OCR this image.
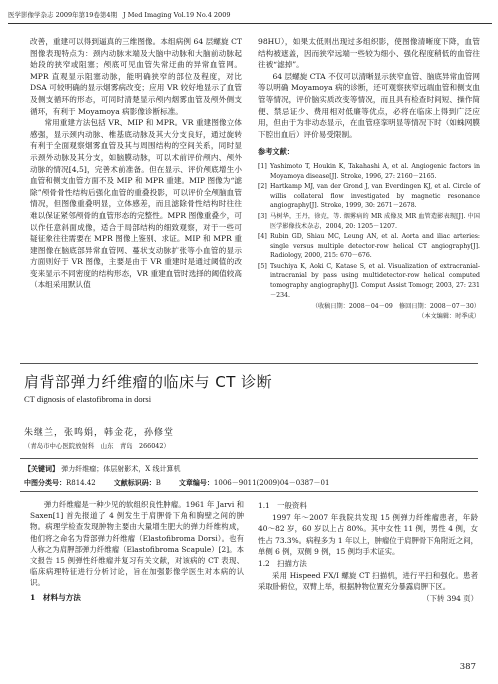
医学影像学杂志 2009年第19卷第4期 J Med Imaging Vol.19 No.4 2009

改善，重建可以得到逼真的三维图像。本组病例 64 层螺旋 CT 图像表现特点为：颈内动脉末端及大脑中动脉和大脑前动脉起始段的狭窄或阻塞；颅底可见血管失常迂曲的异常血管网。MPR 直观显示阻塞动脉，能明确狭窄的部位及程度，对比 DSA 可较明确的显示烟雾病改变；应用 VR 较好地显示了血管及侧支循环的形态，可同时清楚显示颅内烟雾血管及颅外侧支循环，有利于 Moyamoya 病影像诊断标准。

常用重建方法包括 VR、MIP 和 MPR。VR 重建图像立体感强，显示颈内动脉、椎基底动脉及其大分支良好，通过旋转有利于全面观察烟雾血管及其与周围结构的空间关系，同时显示颈外动脉及其分支，如脑膜动脉，可以术前评价颅内、颅外动脉的情况[4,5]，完善术前准备。但在显示、评价颅底增生小血管和侧支血管方面不及 MIP 和 MPR 重建。MIP 图像为“滤除”颅骨骨性结构后强化血管的重叠投影，可以评价全颅脑血管情况，但图像重叠明显，立体感差，而且滤除骨性结构时往往难以保证紧邻颅骨的血管形态的完整性。MPR 图像重叠少，可以作任意斜面成像，适合于局部结构的细致观察，对于一些可疑征象往往需要在 MPR 图像上鉴别、求证。MIP 和 MPR 重建图像在脑底部异常血管网、蔓状支动脉扩张等小血管的显示方面则好于 VR 图像，主要是由于 VR 重建时是通过阈值的改变来显示不同密度的结构形态，VR 重建血管时选择的阈值较高（本组采用默认值

98HU），如果太低则出现过多组织影，使图像清晰度下降，血管结构被遮盖，因而狭窄远端一些较为细小、强化程度稍低的血管往往被“滤掉”。

64 层螺旋 CTA 不仅可以清晰显示狭窄血管、脑底异常血管网等以明确 Moyamoya 病的诊断，还可观察狭窄远端血管和侧支血管等情况，评价脑实质改变等情况，而且具有检查时间短、操作简便、禁忌证少、费用相对低廉等优点，必将在临床上得到广泛应用，但由于为非动态显示，在血管痉挛明显等情况下时（如蛛网膜下腔出血后）评价易受限制。

参考文献：
[1] Yashimoto T, Houkin K, Takahashi A, et al. Angiogenic factors in Moyamoya disease[J]. Stroke, 1996, 27: 2160－2165.
[2] Hartkamp MJ, van der Grond J, van Everdingen KJ, et al. Circle of willis collateral flow investigated by magnetic resonance angiography[J]. Stroke, 1999, 30: 2671－2678.
[3] 马树华，王丹，徐克，等. 烟雾病的 MR 成像及 MR 血管造影表现[J]. 中国医学影像技术杂志，2004, 20: 1205－1207.
[4] Rubin GD, Shiau MC, Leung AN, et al. Aorta and iliac arteries: single versus multiple detector-row helical CT angiography[J]. Radiology, 2000, 215: 670－676.
[5] Tsuchiya K, Aoki C, Katase S, et al. Visualization of extracranial-intracranial by pass using multidetector-row helical computed tomography angiography[J]. Comput Assist Tomogr, 2003, 27: 231－234.
（收稿日期：2008－04－09　修回日期：2008－07－30）
（本文编辑：时季成）
肩背部弹力纤维瘤的临床与 CT 诊断
CT dignosis of elastofibroma in dorsi
朱继兰，张鸣娟，韩金花，孙修堂
（青岛市中心医院放射科　山东　青岛　266042）
【关键词】 弹力纤维瘤；体层射影术，X 线计算机
中图分类号：R814.42	文献标识码：B	文章编号：1006－9011(2009)04－0387－01

弹力纤维瘤是一种少见的软组织良性肿瘤。1961 年 Jarvi 和 Saxen[1] 首先报道了 4 例发生于肩胛骨下角和胸壁之间的肿物。病理学检查发现肿物主要由大量增生肥大的弹力纤维构成，他们将之命名为背部弹力纤维瘤（Elastofibroma Dorsi）。也有人称之为肩胛部弹力纤维瘤（Elastofibroma Scapule）[2]。本文报告 15 例弹性纤维瘤并复习有关文献，对该病的 CT 表现、临床病理特征进行分析讨论，旨在加强影像学医生对本病的认识。

1　材料与方法
1.1　一般资料

1997 年～2007 年我院共发现 15 例弹力纤维瘤患者，年龄 40～82 岁，60 岁以上占 80%。其中女性 11 例，男性 4 例，女性占 73.3%。病程多为 1 年以上，肿瘤位于肩胛骨下角附近之间，单侧 6 例，双侧 9 例，15 例均手术证实。

1.2　扫描方法

采用 Hispeed FX/I 螺旋 CT 扫描机，进行平扫和强化。患者采取卧俯位，双臂上举，根据肿物位置充分暴露肩胛下区。

（下转 394 页）
387
